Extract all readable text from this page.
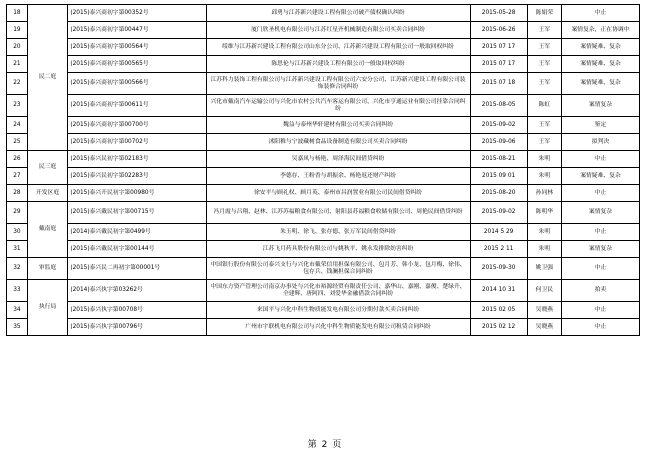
18	民二庭	(2015)泰兴商初字第00352号	邱勇与江苏新兴建设工程有限公司破产债权确认纠纷	2015-05-28	陈娟荣	中止
19		(2015)泰兴商初字第00447号	厦门欣圣机电有限公司与江苏红星齐机械制造有限公司买卖合同纠纷	2015-06-26	王军	案情复杂，正在协调中
20		(2015)泰兴商初字第00564号	绥维与江苏新兴建设工程有限公司山东分公司、江苏新兴建设工程有限公司一般取回权纠纷	2015 07 17	王军	案情疑难、复杂
21		(2015)泰兴商初字第00565号	陈思伦与江苏新兴建设工程有限公司一般取回权纠纷	2015 07 17	王军	案情疑难、复杂
22		(2015)泰兴商初字第00566号	江苏科力装饰工程有限公司与江苏新兴建设工程有限公司六安分公司、江苏新兴建设工程有限公司装饰装修合同纠纷	2015 07 18	王军	案情疑难、复杂
23		(2015)泰兴商初字第00611号	兴化市戴南汽车运输公司与兴化市农村公共汽车客运有限公司、兴化市亨通运业有限公司挂靠合同纠纷	2015-08-05	陈虹	案情复杂
24		(2015)泰兴商初字第00700号	魏益与泰州华轩建材有限公司买卖合同纠纷	2015-09-02	王军	鉴定
25		(2015)泰兴商初字第00702号	沭阳稚与宁波藏树食品设备制造有限公司买卖合同纠纷	2015-09-06	王军	拟判决
26	民三庭	(2015)泰兴民初字第02183号	吴嘉凤与杨艳、周泽海民间借贷纠纷	2015-08-21	朱明	中止
27		(2015)泰兴民初字第02283号	李德存、王粉香与胡振余、杨艳返还财产纠纷	2015 09 01	朱明	案情疑难、复杂
28	开发区庭	(2015)泰兴开民初字第00980号	徐安平与顾礼权、顾月英、泰州市昌润置业有限公司民间借贷纠纷	2015-08-20	孙同林	中止
29	戴南庭	(2015)泰兴戴民初字第00715号	冯月霞与吕翔、赵林、江苏苏福粮食有限公司、射阳县苏福粮食收储有限公司、周艳民间借贷纠纷	2015-09-02	陈明华	案情复杂
30		(2014)泰兴戴民初字第0499号	朱玉明、徐飞、张存德、张万军民间借贷纠纷	2014 5 29	朱明	中止
31		(2015)泰兴戴民初字第00144号	江苏飞月药具股份有限公司与姚秋平、姚永发排除妨害纠纷	2015 2 11	朱明	案情复杂
32	审监庭	(2015)泰兴民二再初字第00001号	中国银行股份有限公司泰兴支行与兴化市戴荣信用担保有限公司、包月芳、韩小龙、包月梅、徐伟、包存兵、钱澜担保合同纠纷	2015-09-30	姚卫强	中止
33	执行局	(2014)泰兴执字第03262号	中国东方资产管理公司南京办事处与兴化市裕源经贸有限责任公司、嘉华山、嘉刚、嘉俊、楚绿升、全建辉、唐阿四、刘爱华金融借款合同纠纷	2014 10 31	何卫民	拍卖
34		(2015)泰兴执字第00708号	来国平与兴化中科生物质能发电有限公司分期付款买卖合同纠纷	2015 02 05	吴晓燕	中止
35		(2015)泰兴执字第00796号	广州市宇联机电有限公司与兴化中科生物质能发电有限公司租赁合同纠纷	2015 02 12	吴晓燕	中止
第 2 页
